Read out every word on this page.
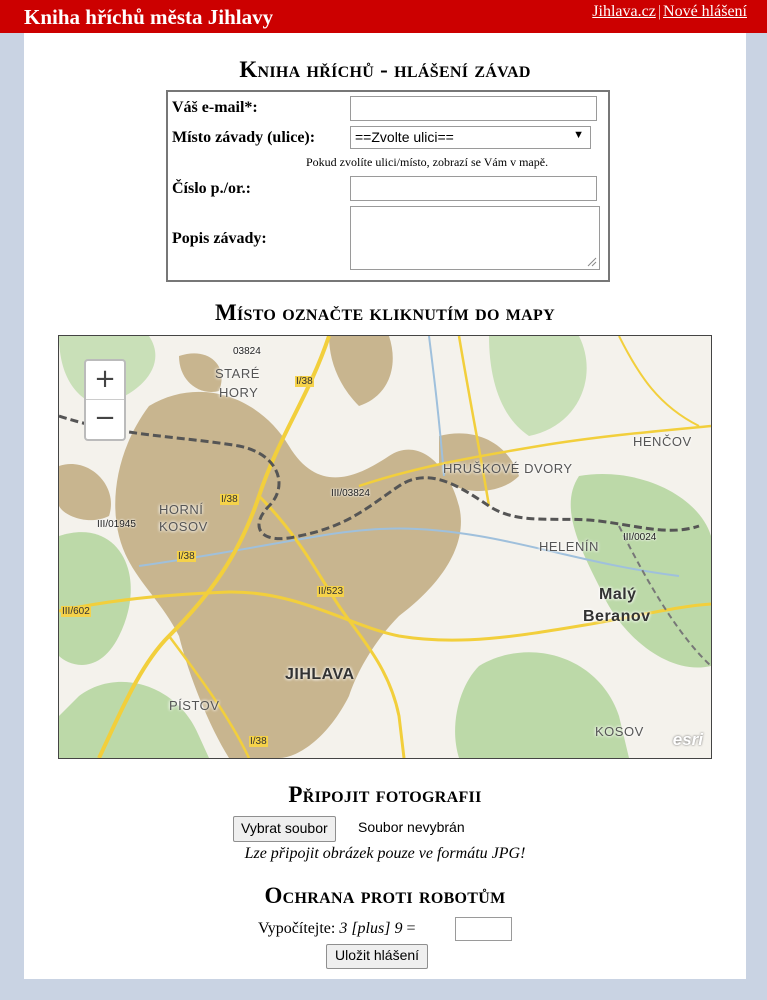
Kniha hříchů města Jihlavy	Jihlava.cz | Nové hlášení
Kniha hříchů - hlášení závad
Váš e-mail*:
Místo závady (ulice):	==Zvolte ulici==	▼
Pokud zvolíte ulici/místo, zobrazí se Vám v mapě.
Číslo p./or.:
Popis závady:
Místo označte kliknutím do mapy
+
−
STARÉ
HORY
HENČOV
HRUŠKOVÉ DVORY
HORNÍ
KOSOV
HELENÍN
Malý
Beranov
JIHLAVA
PÍSTOV
KOSOV
I/38
I/38
I/38
II/523
III/602
I/38
03824
III/03824
III/01945
III/0024
esri
Připojit fotografii
Vybrat soubor	Soubor nevybrán
Lze připojit obrázek pouze ve formátu JPG!
Ochrana proti robotům
Vypočítejte: 3 [plus] 9 =
Uložit hlášení
